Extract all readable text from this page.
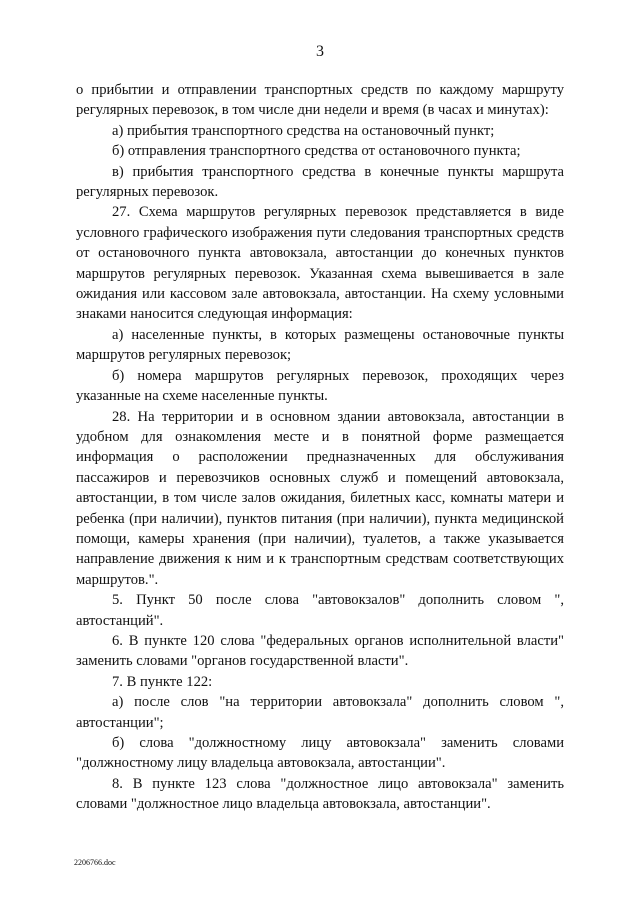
3

о прибытии и отправлении транспортных средств по каждому маршруту регулярных перевозок, в том числе дни недели и время (в часах и минутах):

а) прибытия транспортного средства на остановочный пункт;

б) отправления транспортного средства от остановочного пункта;

в) прибытия транспортного средства в конечные пункты маршрута регулярных перевозок.

27. Схема маршрутов регулярных перевозок представляется в виде условного графического изображения пути следования транспортных средств от остановочного пункта автовокзала, автостанции до конечных пунктов маршрутов регулярных перевозок. Указанная схема вывешивается в зале ожидания или кассовом зале автовокзала, автостанции. На схему условными знаками наносится следующая информация:

а) населенные пункты, в которых размещены остановочные пункты маршрутов регулярных перевозок;

б) номера маршрутов регулярных перевозок, проходящих через указанные на схеме населенные пункты.

28. На территории и в основном здании автовокзала, автостанции в удобном для ознакомления месте и в понятной форме размещается информация о расположении предназначенных для обслуживания пассажиров и перевозчиков основных служб и помещений автовокзала, автостанции, в том числе залов ожидания, билетных касс, комнаты матери и ребенка (при наличии), пунктов питания (при наличии), пункта медицинской помощи, камеры хранения (при наличии), туалетов, а также указывается направление движения к ним и к транспортным средствам соответствующих маршрутов.".

5. Пункт 50 после слова "автовокзалов" дополнить словом ", автостанций".

6. В пункте 120 слова "федеральных органов исполнительной власти" заменить словами "органов государственной власти".

7. В пункте 122:

а) после слов "на территории автовокзала" дополнить словом ", автостанции";

б) слова "должностному лицу автовокзала" заменить словами "должностному лицу владельца автовокзала, автостанции".

8. В пункте 123 слова "должностное лицо автовокзала" заменить словами "должностное лицо владельца автовокзала, автостанции".

2206766.doc
